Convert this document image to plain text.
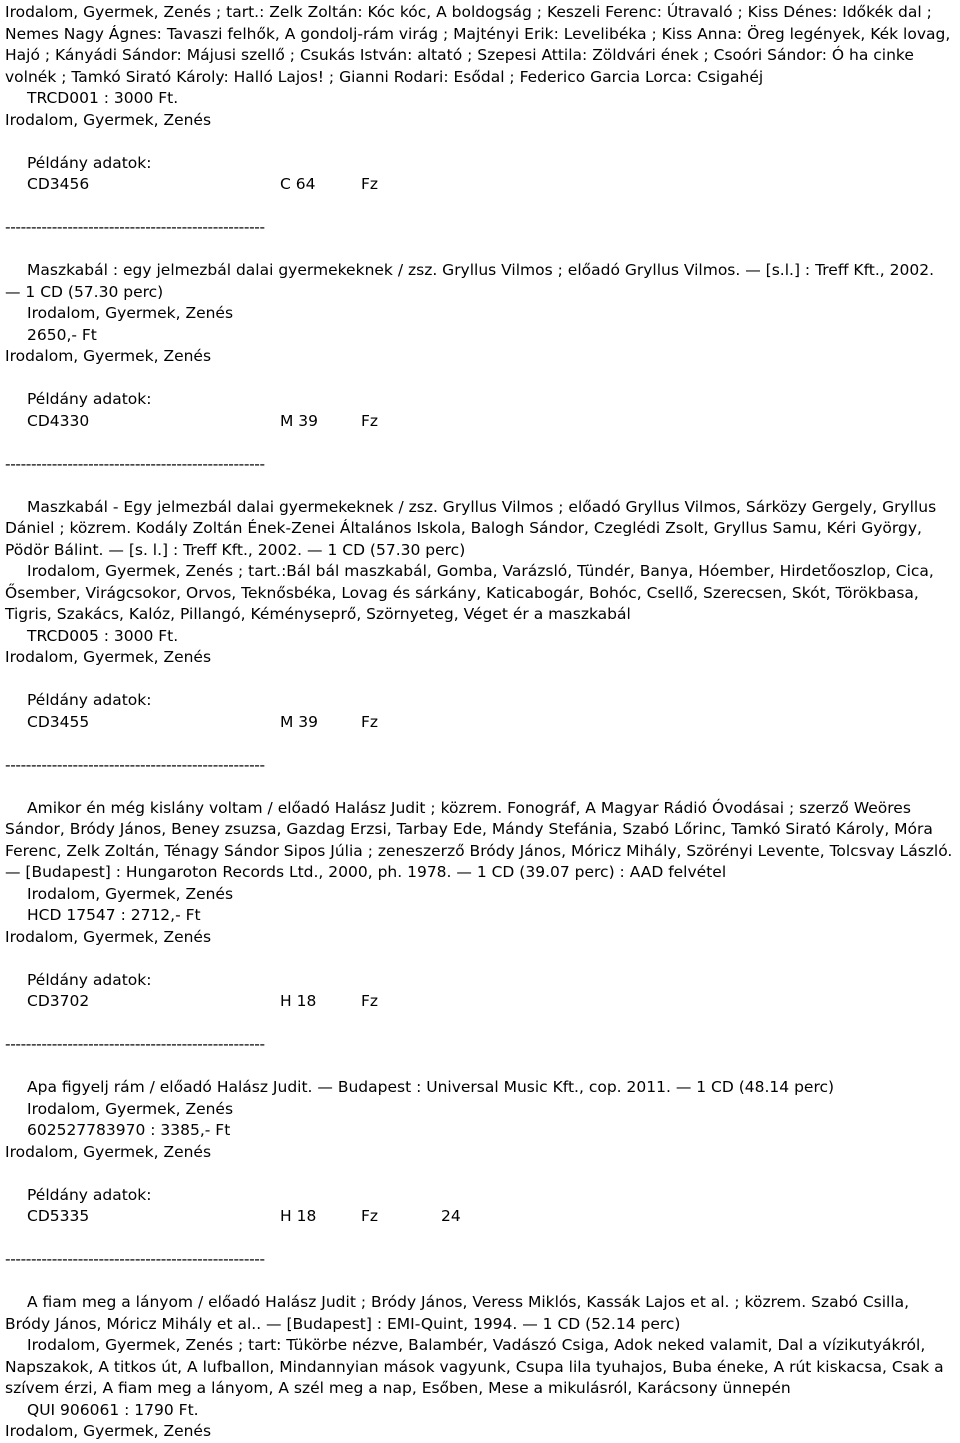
Irodalom, Gyermek, Zenés ; tart.: Zelk Zoltán: Kóc kóc, A boldogság ; Keszeli Ferenc: Útravaló ; Kiss Dénes: Időkék dal ; Nemes Nagy Ágnes: Tavaszi felhők, A gondolj-rám virág ; Majtényi Erik: Levelibéka ; Kiss Anna: Öreg legények, Kék lovag, Hajó ; Kányádi Sándor: Májusi szellő ; Csukás István: altató ; Szepesi Attila: Zöldvári ének ; Csoóri Sándor: Ó ha cinke volnék ; Tamkó Sirató Károly: Halló Lajos! ; Gianni Rodari: Esődal ; Federico Garcia Lorca: Csigahéj

TRCD001 : 3000 Ft.

Irodalom, Gyermek, Zenés

Példány adatok:

CD3456	C 64	Fz
--------------------------------------------------

Maszkabál : egy jelmezbál dalai gyermekeknek / zsz. Gryllus Vilmos ; előadó Gryllus Vilmos. — [s.l.] : Treff Kft., 2002. — 1 CD (57.30 perc)

Irodalom, Gyermek, Zenés

2650,- Ft

Irodalom, Gyermek, Zenés

Példány adatok:

CD4330	M 39	Fz
--------------------------------------------------

Maszkabál - Egy jelmezbál dalai gyermekeknek / zsz. Gryllus Vilmos ; előadó Gryllus Vilmos, Sárközy Gergely, Gryllus Dániel ; közrem. Kodály Zoltán Ének-Zenei Általános Iskola, Balogh Sándor, Czeglédi Zsolt, Gryllus Samu, Kéri György, Pödör Bálint. — [s. l.] : Treff Kft., 2002. — 1 CD (57.30 perc)

Irodalom, Gyermek, Zenés ; tart.:Bál bál maszkabál, Gomba, Varázsló, Tündér, Banya, Hóember, Hirdetőoszlop, Cica, Ősember, Virágcsokor, Orvos, Teknősbéka, Lovag és sárkány, Katicabogár, Bohóc, Csellő, Szerecsen, Skót, Törökbasa, Tigris, Szakács, Kalóz, Pillangó, Kéményseprő, Szörnyeteg, Véget ér a maszkabál

TRCD005 : 3000 Ft.

Irodalom, Gyermek, Zenés

Példány adatok:

CD3455	M 39	Fz
--------------------------------------------------

Amikor én még kislány voltam / előadó Halász Judit ; közrem. Fonográf, A Magyar Rádió Óvodásai ; szerző Weöres Sándor, Bródy János, Beney zsuzsa, Gazdag Erzsi, Tarbay Ede, Mándy Stefánia, Szabó Lőrinc, Tamkó Sirató Károly, Móra Ferenc, Zelk Zoltán, Ténagy Sándor Sipos Júlia ; zeneszerző Bródy János, Móricz Mihály, Szörényi Levente, Tolcsvay László. — [Budapest] : Hungaroton Records Ltd., 2000, ph. 1978. — 1 CD (39.07 perc) : AAD felvétel

Irodalom, Gyermek, Zenés

HCD 17547 : 2712,- Ft

Irodalom, Gyermek, Zenés

Példány adatok:

CD3702	H 18	Fz
--------------------------------------------------

Apa figyelj rám / előadó Halász Judit. — Budapest : Universal Music Kft., cop. 2011. — 1 CD (48.14 perc)

Irodalom, Gyermek, Zenés

602527783970 : 3385,- Ft

Irodalom, Gyermek, Zenés

Példány adatok:

CD5335	H 18	Fz	24
--------------------------------------------------

A fiam meg a lányom / előadó Halász Judit ; Bródy János, Veress Miklós, Kassák Lajos et al. ; közrem. Szabó Csilla, Bródy János, Móricz Mihály et al.. — [Budapest] : EMI-Quint, 1994. — 1 CD (52.14 perc)

Irodalom, Gyermek, Zenés ; tart: Tükörbe nézve, Balambér, Vadászó Csiga, Adok neked valamit, Dal a vízikutyákról, Napszakok, A titkos út, A lufballon, Mindannyian mások vagyunk, Csupa lila tyuhajos, Buba éneke, A rút kiskacsa, Csak a szívem érzi, A fiam meg a lányom, A szél meg a nap, Esőben, Mese a mikulásról, Karácsony ünnepén

QUI 906061 : 1790 Ft.

Irodalom, Gyermek, Zenés
